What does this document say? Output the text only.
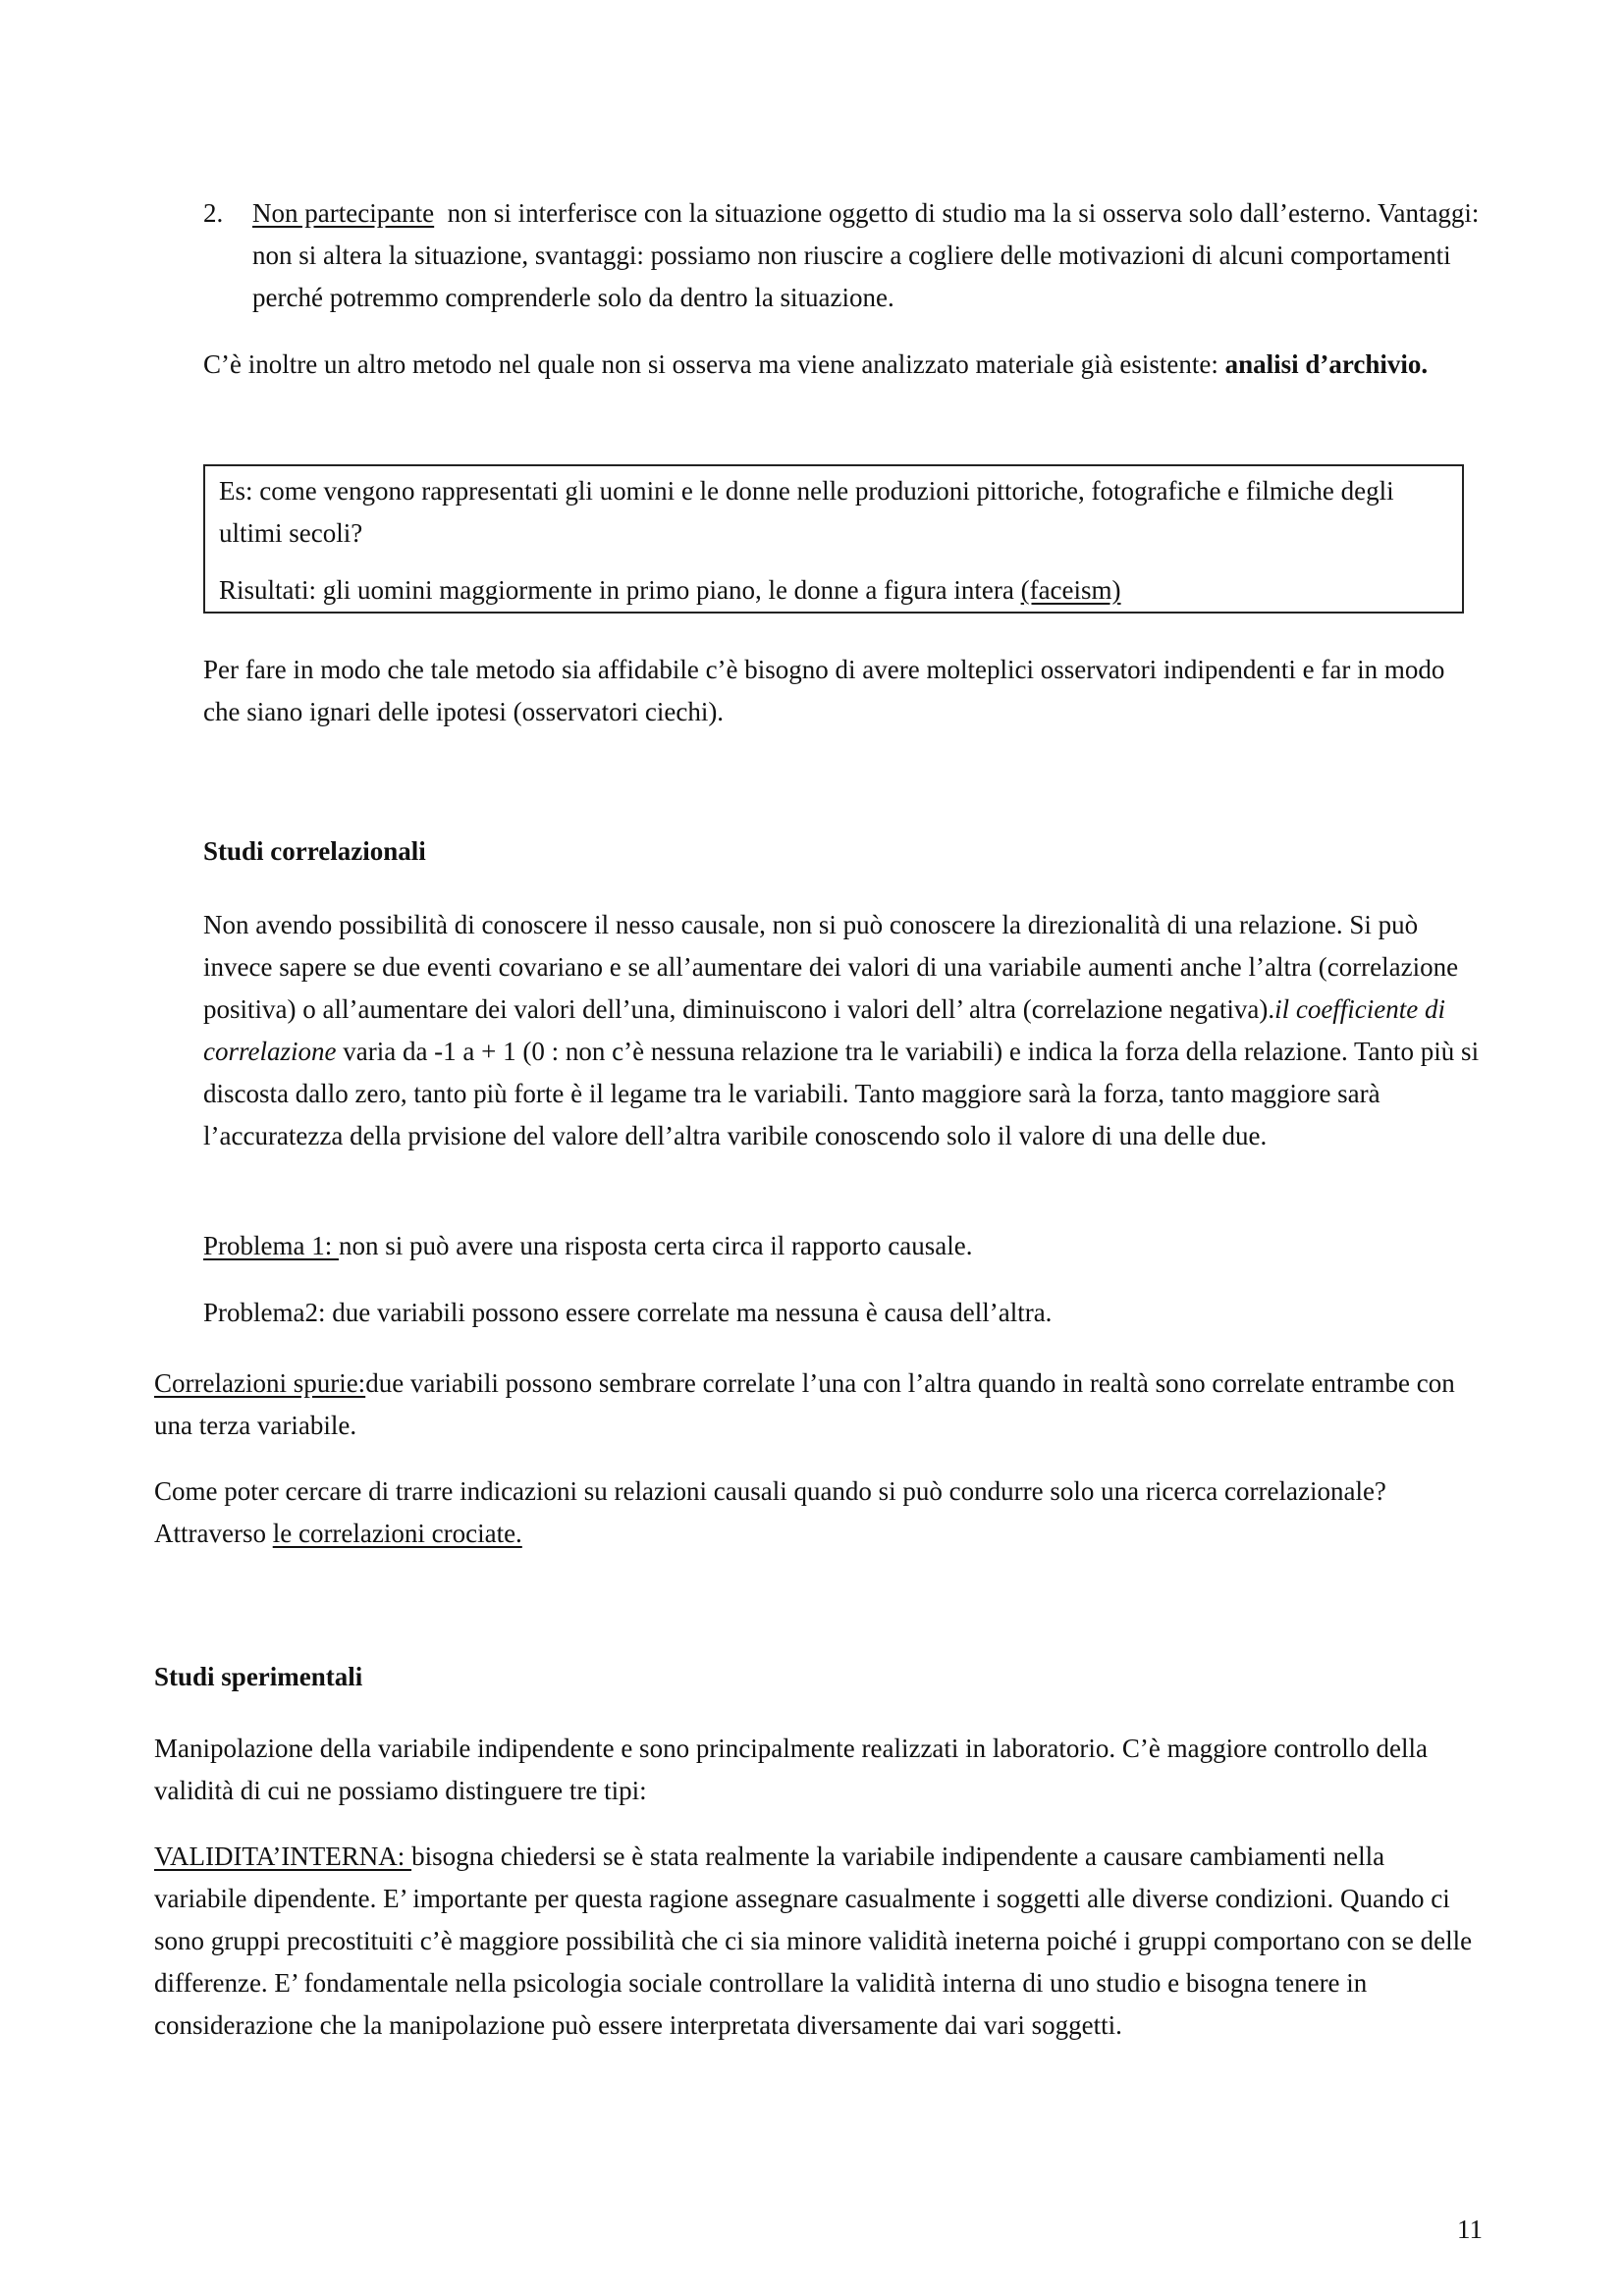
2. Non partecipante non si interferisce con la situazione oggetto di studio ma la si osserva solo dall’esterno. Vantaggi: non si altera la situazione, svantaggi: possiamo non riuscire a cogliere delle motivazioni di alcuni comportamenti perché potremmo comprenderle solo da dentro la situazione.

C’è inoltre un altro metodo nel quale non si osserva ma viene analizzato materiale già esistente: analisi d’archivio.

Es: come vengono rappresentati gli uomini e le donne nelle produzioni pittoriche, fotografiche e filmiche degli ultimi secoli?

Risultati: gli uomini maggiormente in primo piano, le donne a figura intera (faceism)

Per fare in modo che tale metodo sia affidabile c’è bisogno di avere molteplici osservatori indipendenti e far in modo che siano ignari delle ipotesi (osservatori ciechi).

Studi correlazionali

Non avendo possibilità di conoscere il nesso causale, non si può conoscere la direzionalità di una relazione. Si può invece sapere se due eventi covariano e se all’aumentare dei valori di una variabile aumenti anche l’altra (correlazione positiva) o all’aumentare dei valori dell’una, diminuiscono i valori dell’ altra (correlazione negativa).il coefficiente di correlazione varia da -1 a + 1 (0 : non c’è nessuna relazione tra le variabili) e indica la forza della relazione. Tanto più si discosta dallo zero, tanto più forte è il legame tra le variabili. Tanto maggiore sarà la forza, tanto maggiore sarà l’accuratezza della prvisione del valore dell’altra varibile conoscendo solo il valore di una delle due.

Problema 1: non si può avere una risposta certa circa il rapporto causale.

Problema2: due variabili possono essere correlate ma nessuna è causa dell’altra.

Correlazioni spurie:due variabili possono sembrare correlate l’una con l’altra quando in realtà sono correlate entrambe con una terza variabile.

Come poter cercare di trarre indicazioni su relazioni causali quando si può condurre solo una ricerca correlazionale? Attraverso le correlazioni crociate.

Studi sperimentali

Manipolazione della variabile indipendente e sono principalmente realizzati in laboratorio. C’è maggiore controllo della validità di cui ne possiamo distinguere tre tipi:

VALIDITA’INTERNA: bisogna chiedersi se è stata realmente la variabile indipendente a causare cambiamenti nella variabile dipendente. E’ importante per questa ragione assegnare casualmente i soggetti alle diverse condizioni. Quando ci sono gruppi precostituiti c’è maggiore possibilità che ci sia minore validità ineterna poiché i gruppi comportano con se delle differenze. E’ fondamentale nella psicologia sociale controllare la validità interna di uno studio e bisogna tenere in considerazione che la manipolazione può essere interpretata diversamente dai vari soggetti.

11
